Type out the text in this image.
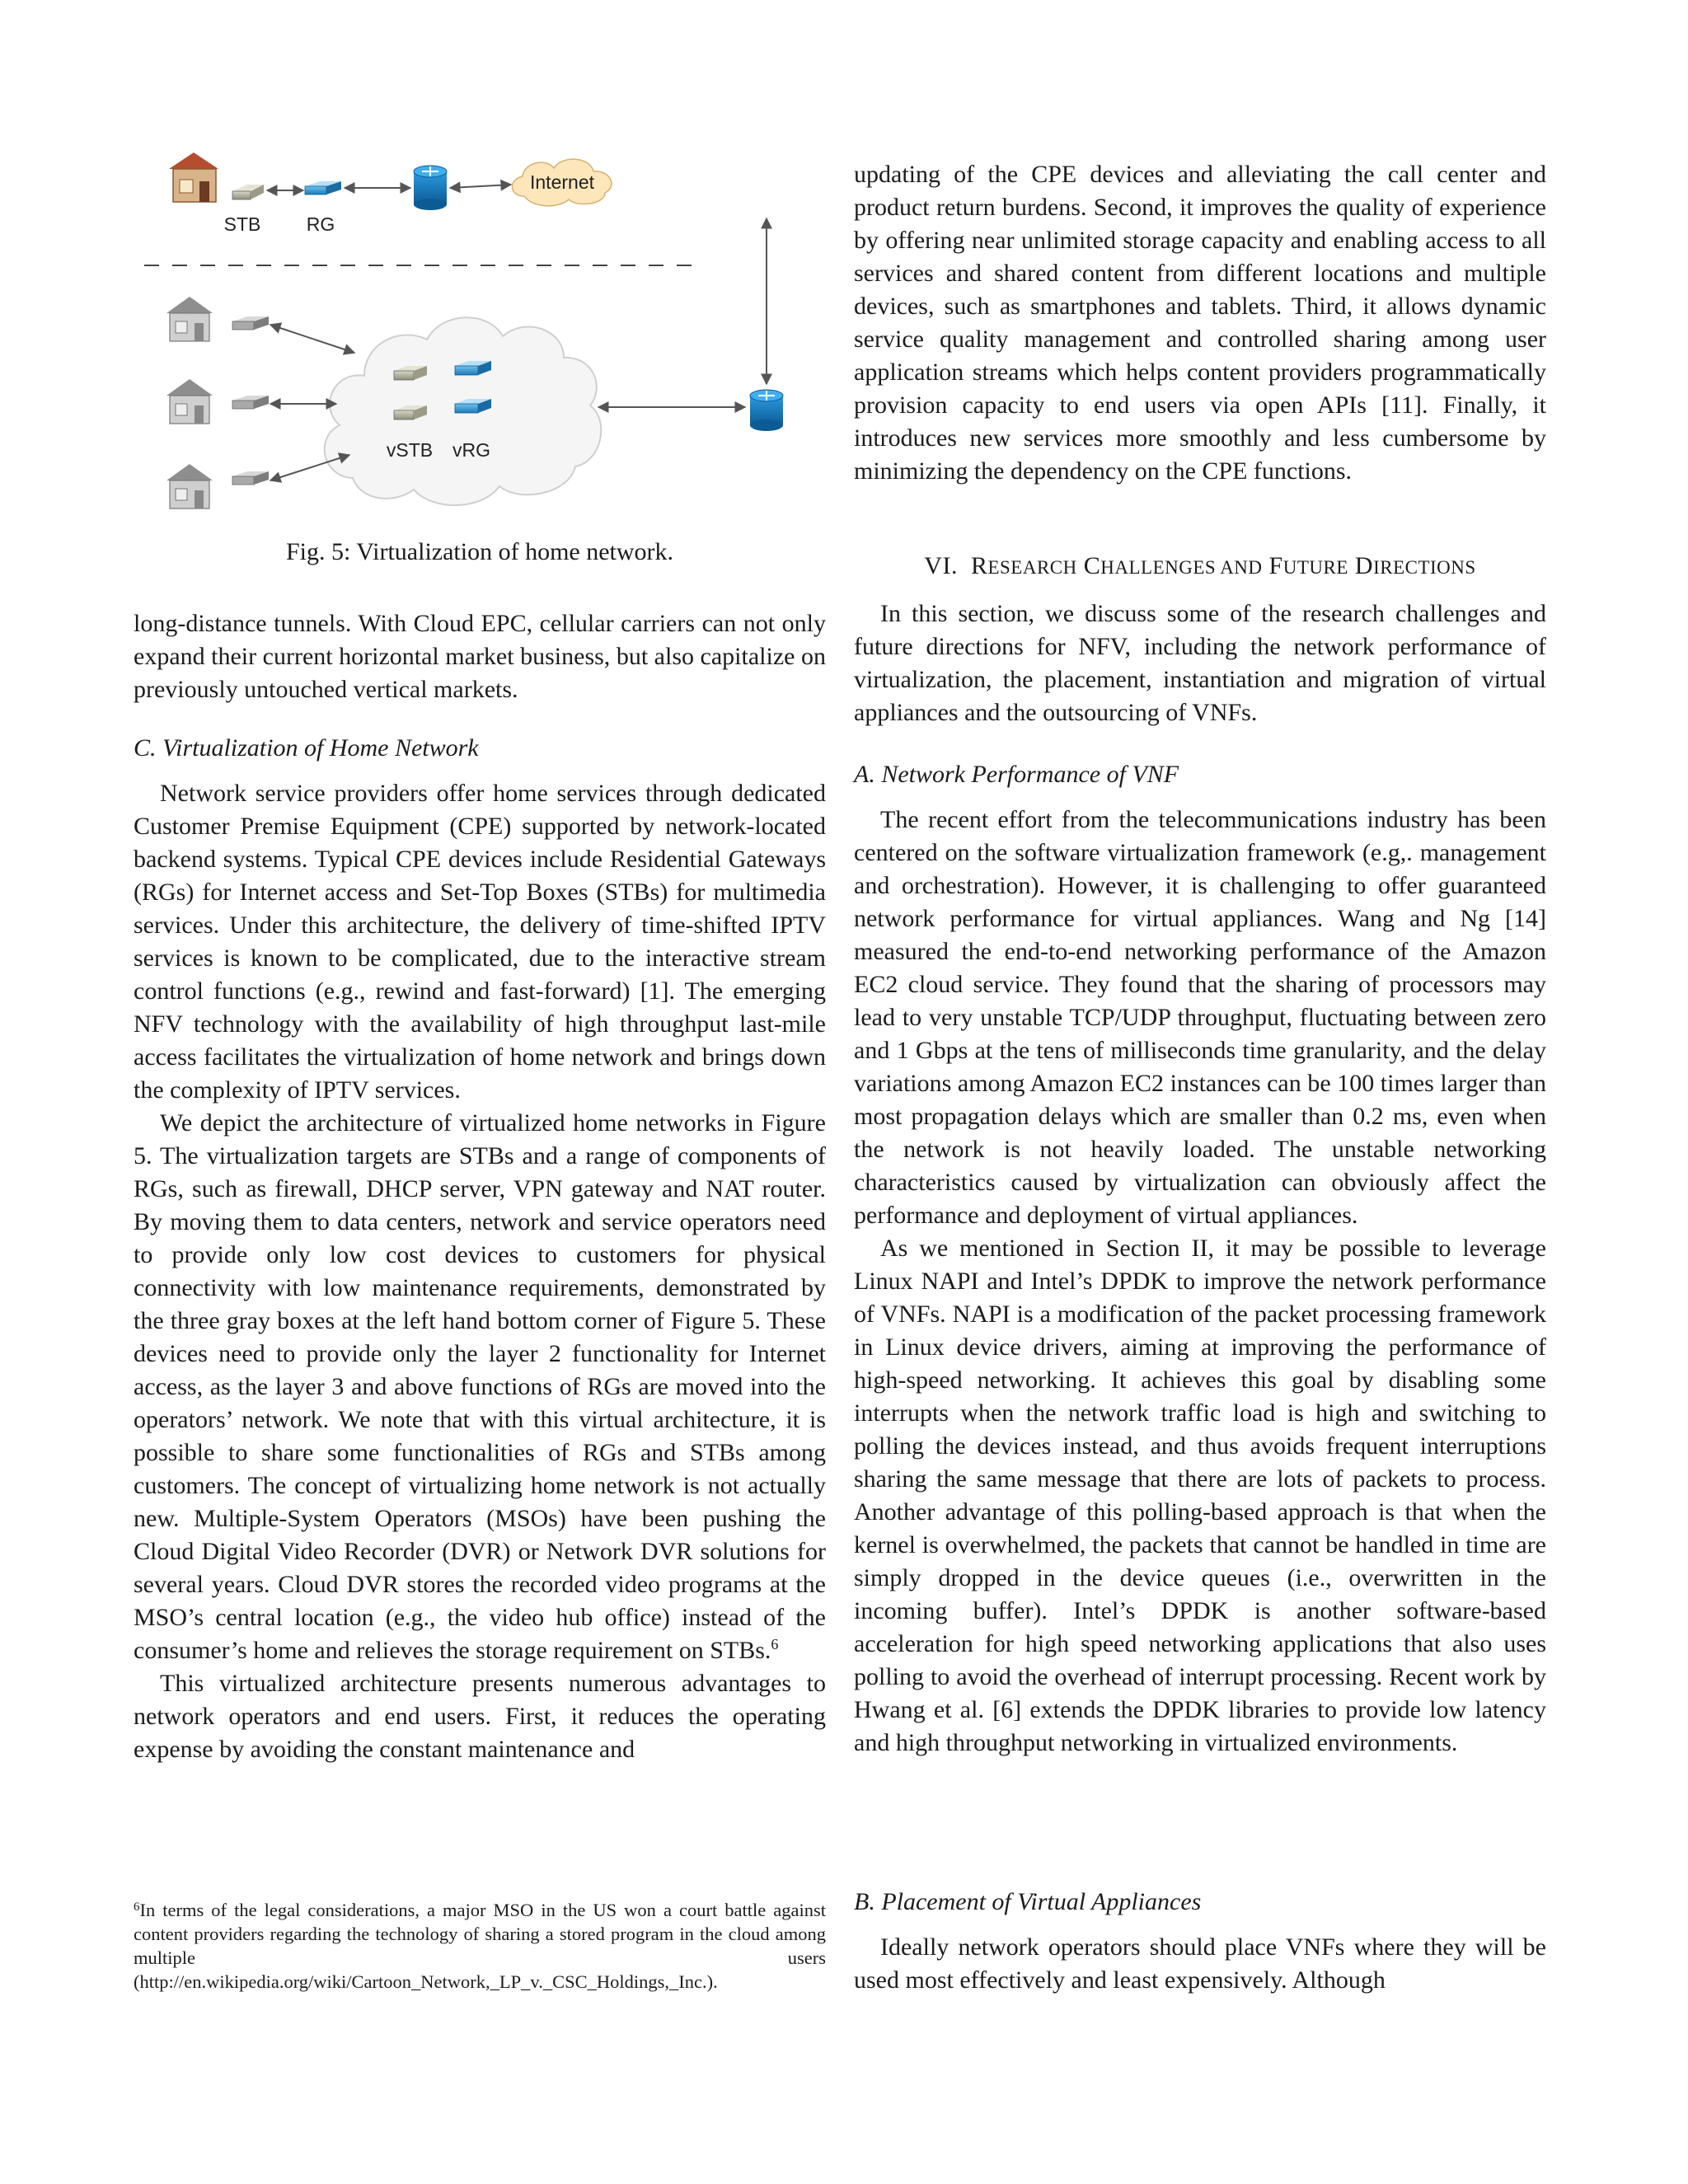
Internet
STB RG
vSTB vRG

Fig. 5: Virtualization of home network.

long-distance tunnels. With Cloud EPC, cellular carriers can not only expand their current horizontal market business, but also capitalize on previously untouched vertical markets.

C. Virtualization of Home Network

Network service providers offer home services through dedicated Customer Premise Equipment (CPE) supported by network-located backend systems. Typical CPE devices include Residential Gateways (RGs) for Internet access and Set-Top Boxes (STBs) for multimedia services. Under this architecture, the delivery of time-shifted IPTV services is known to be complicated, due to the interactive stream control functions (e.g., rewind and fast-forward) [1]. The emerging NFV technology with the availability of high throughput last-mile access facilitates the virtualization of home network and brings down the complexity of IPTV services.

We depict the architecture of virtualized home networks in Figure 5. The virtualization targets are STBs and a range of components of RGs, such as firewall, DHCP server, VPN gateway and NAT router. By moving them to data centers, network and service operators need to provide only low cost devices to customers for physical connectivity with low maintenance requirements, demonstrated by the three gray boxes at the left hand bottom corner of Figure 5. These devices need to provide only the layer 2 functionality for Internet access, as the layer 3 and above functions of RGs are moved into the operators’ network. We note that with this virtual architecture, it is possible to share some functionalities of RGs and STBs among customers. The concept of virtualizing home network is not actually new. Multiple-System Operators (MSOs) have been pushing the Cloud Digital Video Recorder (DVR) or Network DVR solutions for several years. Cloud DVR stores the recorded video programs at the MSO’s central location (e.g., the video hub office) instead of the consumer’s home and relieves the storage requirement on STBs.$^6$

This virtualized architecture presents numerous advantages to network operators and end users. First, it reduces the operating expense by avoiding the constant maintenance and

$^6$In terms of the legal considerations, a major MSO in the US won a court battle against content providers regarding the technology of sharing a stored program in the cloud among multiple users (http://en.wikipedia.org/wiki/Cartoon_Network,_LP_v._CSC_Holdings,_Inc.).

updating of the CPE devices and alleviating the call center and product return burdens. Second, it improves the quality of experience by offering near unlimited storage capacity and enabling access to all services and shared content from different locations and multiple devices, such as smartphones and tablets. Third, it allows dynamic service quality management and controlled sharing among user application streams which helps content providers programmatically provision capacity to end users via open APIs [11]. Finally, it introduces new services more smoothly and less cumbersome by minimizing the dependency on the CPE functions.

VI. RESEARCH CHALLENGES AND FUTURE DIRECTIONS

In this section, we discuss some of the research challenges and future directions for NFV, including the network performance of virtualization, the placement, instantiation and migration of virtual appliances and the outsourcing of VNFs.

A. Network Performance of VNF

The recent effort from the telecommunications industry has been centered on the software virtualization framework (e.g,. management and orchestration). However, it is challenging to offer guaranteed network performance for virtual appliances. Wang and Ng [14] measured the end-to-end networking performance of the Amazon EC2 cloud service. They found that the sharing of processors may lead to very unstable TCP/UDP throughput, fluctuating between zero and 1 Gbps at the tens of milliseconds time granularity, and the delay variations among Amazon EC2 instances can be 100 times larger than most propagation delays which are smaller than 0.2 ms, even when the network is not heavily loaded. The unstable networking characteristics caused by virtualization can obviously affect the performance and deployment of virtual appliances.

As we mentioned in Section II, it may be possible to leverage Linux NAPI and Intel’s DPDK to improve the network performance of VNFs. NAPI is a modification of the packet processing framework in Linux device drivers, aiming at improving the performance of high-speed networking. It achieves this goal by disabling some interrupts when the network traffic load is high and switching to polling the devices instead, and thus avoids frequent interruptions sharing the same message that there are lots of packets to process. Another advantage of this polling-based approach is that when the kernel is overwhelmed, the packets that cannot be handled in time are simply dropped in the device queues (i.e., overwritten in the incoming buffer). Intel’s DPDK is another software-based acceleration for high speed networking applications that also uses polling to avoid the overhead of interrupt processing. Recent work by Hwang et al. [6] extends the DPDK libraries to provide low latency and high throughput networking in virtualized environments.

B. Placement of Virtual Appliances

Ideally network operators should place VNFs where they will be used most effectively and least expensively. Although
